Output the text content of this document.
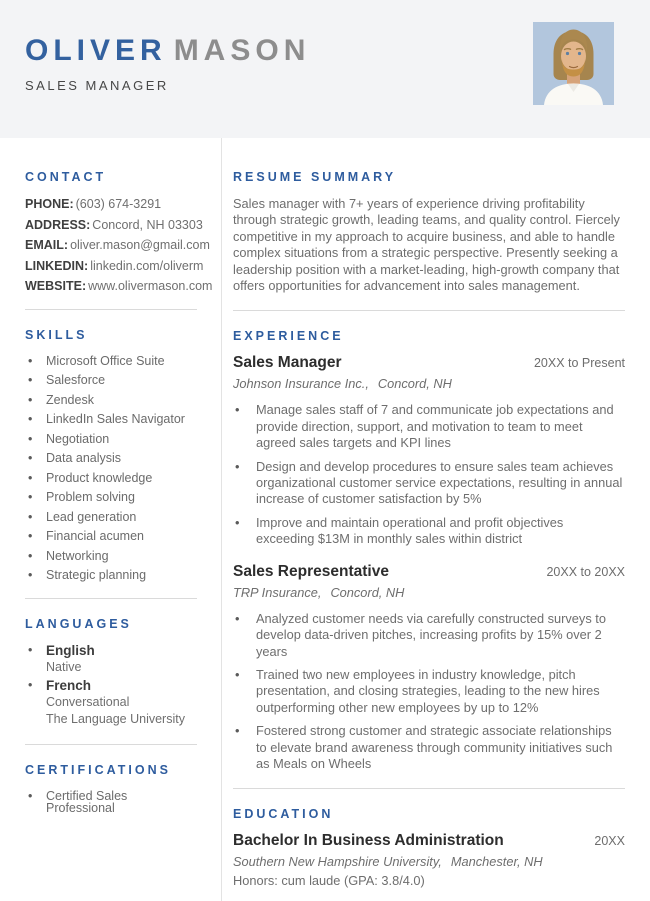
OLIVER MASON
SALES MANAGER
CONTACT
PHONE: (603) 674-3291
ADDRESS: Concord, NH 03303
EMAIL: oliver.mason@gmail.com
LINKEDIN: linkedin.com/oliverm
WEBSITE: www.olivermason.com
SKILLS
•
Microsoft Office Suite
•
Salesforce
•
Zendesk
•
LinkedIn Sales Navigator
•
Negotiation
•
Data analysis
•
Product knowledge
•
Problem solving
•
Lead generation
•
Financial acumen
•
Networking
•
Strategic planning
LANGUAGES
•
English
Native
•
French
Conversational
The Language University
CERTIFICATIONS
•
Certified Sales Professional
RESUME SUMMARY

Sales manager with 7+ years of experience driving profitability through strategic growth, leading teams, and quality control. Fiercely competitive in my approach to acquire business, and able to handle complex situations from a strategic perspective. Presently seeking a leadership position with a market-leading, high-growth company that offers opportunities for advancement into sales management.

EXPERIENCE
Sales Manager	20XX to Present
Johnson Insurance Inc., Concord, NH
•
Manage sales staff of 7 and communicate job expectations and provide direction, support, and motivation to team to meet agreed sales targets and KPI lines
•
Design and develop procedures to ensure sales team achieves organizational customer service expectations, resulting in annual increase of customer satisfaction by 5%
•
Improve and maintain operational and profit objectives exceeding $13M in monthly sales within district
Sales Representative	20XX to 20XX
TRP Insurance, Concord, NH
•
Analyzed customer needs via carefully constructed surveys to develop data-driven pitches, increasing profits by 15% over 2 years
•
Trained two new employees in industry knowledge, pitch presentation, and closing strategies, leading to the new hires outperforming other new employees by up to 12%
•
Fostered strong customer and strategic associate relationships to elevate brand awareness through community initiatives such as Meals on Wheels
EDUCATION
Bachelor In Business Administration	20XX
Southern New Hampshire University, Manchester, NH
Honors: cum laude (GPA: 3.8/4.0)
